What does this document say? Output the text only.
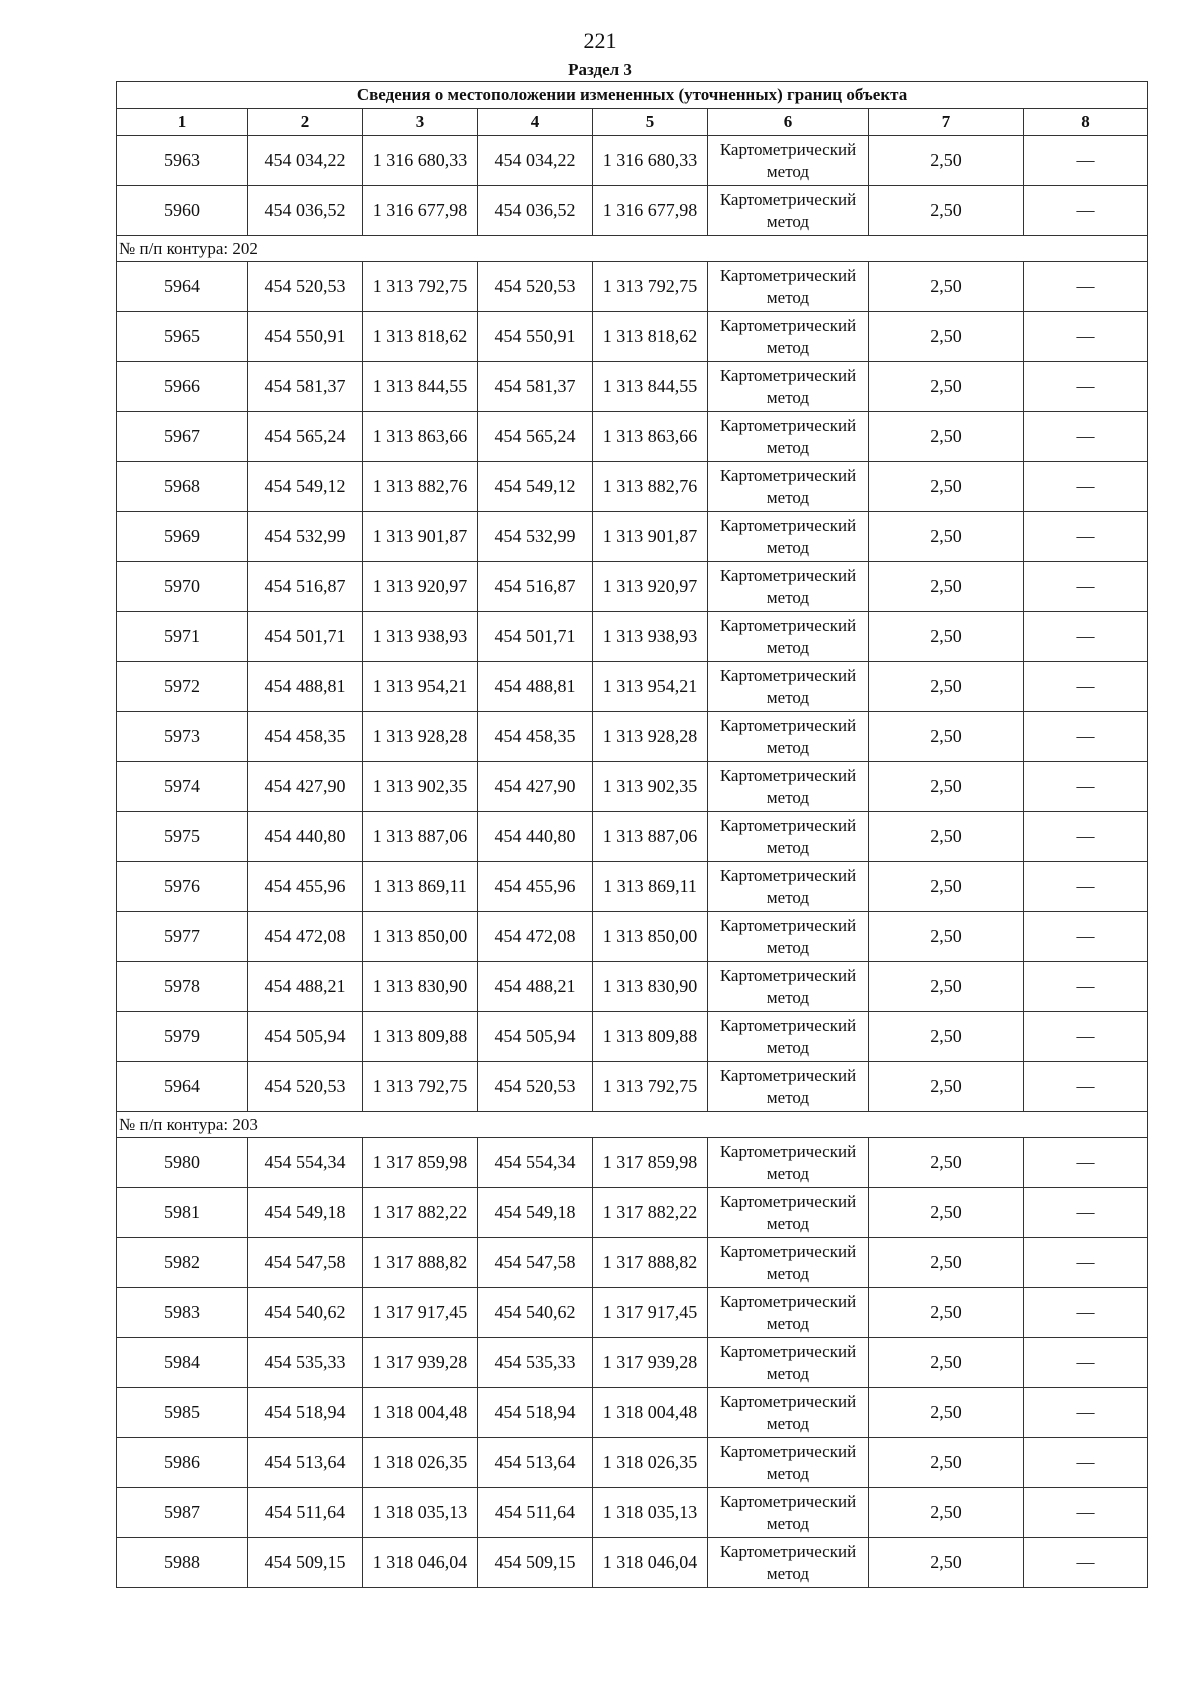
221
Раздел 3
Сведения о местоположении измененных (уточненных) границ объекта							
1	2	3	4	5	6	7	8
5963	454 034,22	1 316 680,33	454 034,22	1 316 680,33	Картометрический метод	2,50	—
5960	454 036,52	1 316 677,98	454 036,52	1 316 677,98	Картометрический метод	2,50	—
№ п/п контура: 202							
5964	454 520,53	1 313 792,75	454 520,53	1 313 792,75	Картометрический метод	2,50	—
5965	454 550,91	1 313 818,62	454 550,91	1 313 818,62	Картометрический метод	2,50	—
5966	454 581,37	1 313 844,55	454 581,37	1 313 844,55	Картометрический метод	2,50	—
5967	454 565,24	1 313 863,66	454 565,24	1 313 863,66	Картометрический метод	2,50	—
5968	454 549,12	1 313 882,76	454 549,12	1 313 882,76	Картометрический метод	2,50	—
5969	454 532,99	1 313 901,87	454 532,99	1 313 901,87	Картометрический метод	2,50	—
5970	454 516,87	1 313 920,97	454 516,87	1 313 920,97	Картометрический метод	2,50	—
5971	454 501,71	1 313 938,93	454 501,71	1 313 938,93	Картометрический метод	2,50	—
5972	454 488,81	1 313 954,21	454 488,81	1 313 954,21	Картометрический метод	2,50	—
5973	454 458,35	1 313 928,28	454 458,35	1 313 928,28	Картометрический метод	2,50	—
5974	454 427,90	1 313 902,35	454 427,90	1 313 902,35	Картометрический метод	2,50	—
5975	454 440,80	1 313 887,06	454 440,80	1 313 887,06	Картометрический метод	2,50	—
5976	454 455,96	1 313 869,11	454 455,96	1 313 869,11	Картометрический метод	2,50	—
5977	454 472,08	1 313 850,00	454 472,08	1 313 850,00	Картометрический метод	2,50	—
5978	454 488,21	1 313 830,90	454 488,21	1 313 830,90	Картометрический метод	2,50	—
5979	454 505,94	1 313 809,88	454 505,94	1 313 809,88	Картометрический метод	2,50	—
5964	454 520,53	1 313 792,75	454 520,53	1 313 792,75	Картометрический метод	2,50	—
№ п/п контура: 203							
5980	454 554,34	1 317 859,98	454 554,34	1 317 859,98	Картометрический метод	2,50	—
5981	454 549,18	1 317 882,22	454 549,18	1 317 882,22	Картометрический метод	2,50	—
5982	454 547,58	1 317 888,82	454 547,58	1 317 888,82	Картометрический метод	2,50	—
5983	454 540,62	1 317 917,45	454 540,62	1 317 917,45	Картометрический метод	2,50	—
5984	454 535,33	1 317 939,28	454 535,33	1 317 939,28	Картометрический метод	2,50	—
5985	454 518,94	1 318 004,48	454 518,94	1 318 004,48	Картометрический метод	2,50	—
5986	454 513,64	1 318 026,35	454 513,64	1 318 026,35	Картометрический метод	2,50	—
5987	454 511,64	1 318 035,13	454 511,64	1 318 035,13	Картометрический метод	2,50	—
5988	454 509,15	1 318 046,04	454 509,15	1 318 046,04	Картометрический метод	2,50	—
